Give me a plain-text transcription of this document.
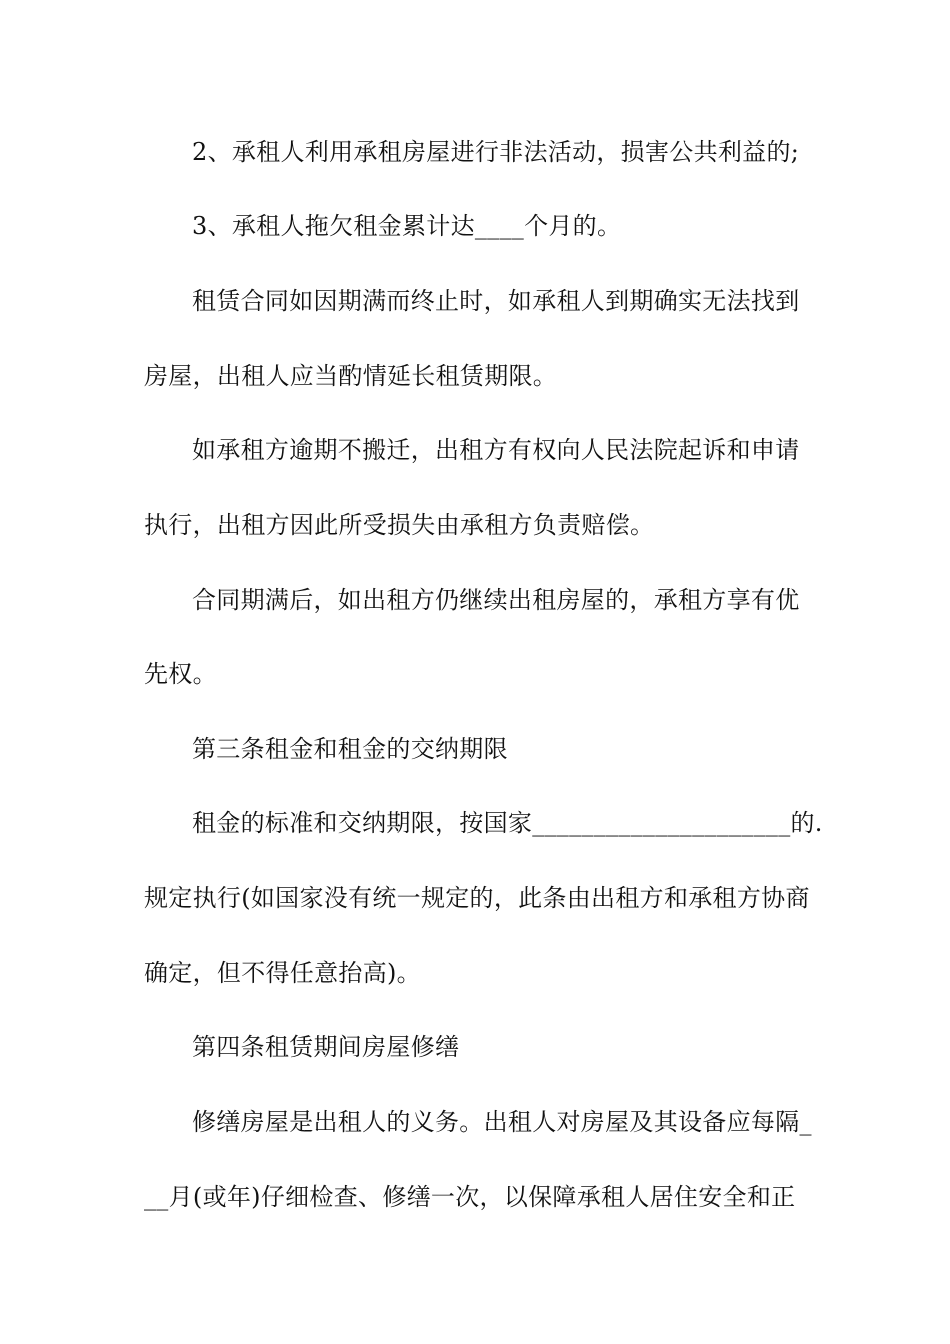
2、承租人利用承租房屋进行非法活动，损害公共利益的;
3、承租人拖欠租金累计达____个月的。
租赁合同如因期满而终止时，如承租人到期确实无法找到
房屋，出租人应当酌情延长租赁期限。
如承租方逾期不搬迁，出租方有权向人民法院起诉和申请
执行，出租方因此所受损失由承租方负责赔偿。
合同期满后，如出租方仍继续出租房屋的，承租方享有优
先权。
第三条租金和租金的交纳期限
租金的标准和交纳期限，按国家_____________________的.
规定执行(如国家没有统一规定的，此条由出租方和承租方协商
确定，但不得任意抬高)。
第四条租赁期间房屋修缮
修缮房屋是出租人的义务。出租人对房屋及其设备应每隔_
__月(或年)仔细检查、修缮一次，以保障承租人居住安全和正
